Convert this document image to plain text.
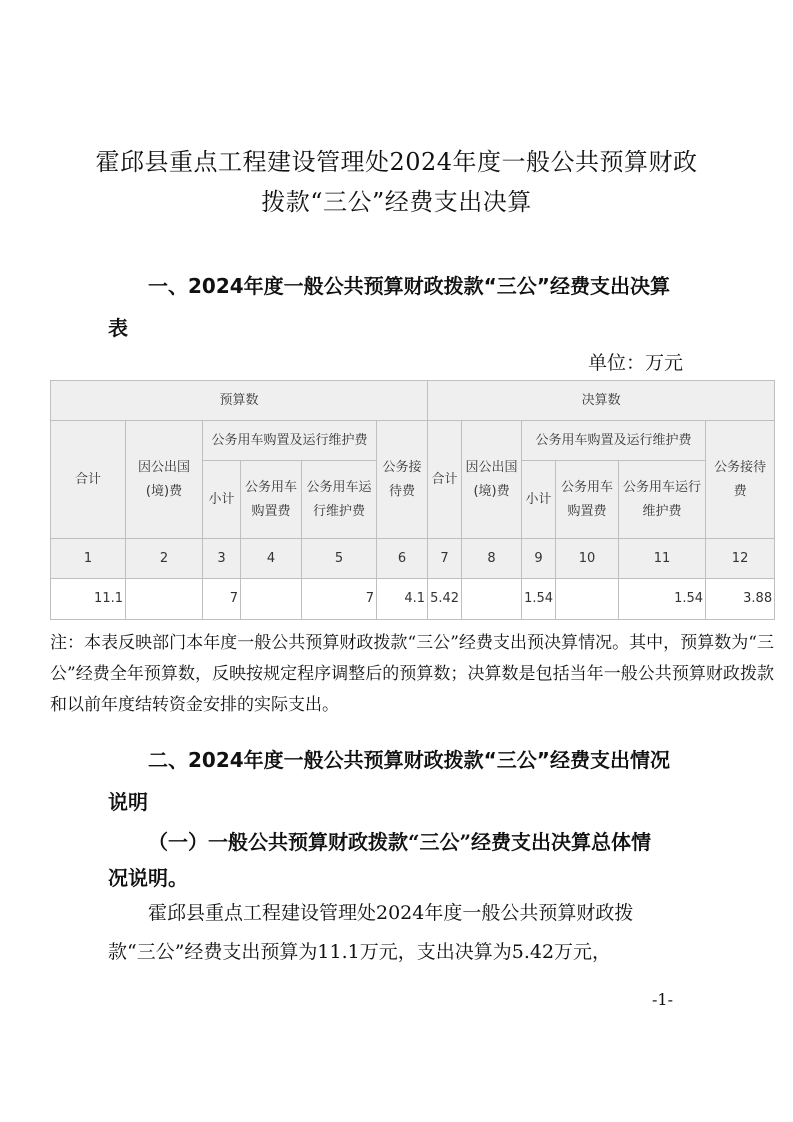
霍邱县重点工程建设管理处2024年度一般公共预算财政
拨款“三公”经费支出决算
一、2024年度一般公共预算财政拨款“三公”经费支出决算
表
单位：万元
预算数						决算数					
合计	因公出国(境)费	公务用车购置及运行维护费			公务接待费	合计	因公出国(境)费	公务用车购置及运行维护费			公务接待费
		小计	公务用车购置费	公务用车运行维护费				小计	公务用车购置费	公务用车运行维护费	
1	2	3	4	5	6	7	8	9	10	11	12
11.1		7		7	4.1	5.42		1.54		1.54	3.88
注：本表反映部门本年度一般公共预算财政拨款“三公”经费支出预决算情况。其中，预算数为“三公”经费全年预算数，反映按规定程序调整后的预算数；决算数是包括当年一般公共预算财政拨款和以前年度结转资金安排的实际支出。
二、2024年度一般公共预算财政拨款“三公”经费支出情况
说明
（一）一般公共预算财政拨款“三公”经费支出决算总体情
况说明。
霍邱县重点工程建设管理处2024年度一般公共预算财政拨
款“三公”经费支出预算为11.1万元，支出决算为5.42万元，
-1-
